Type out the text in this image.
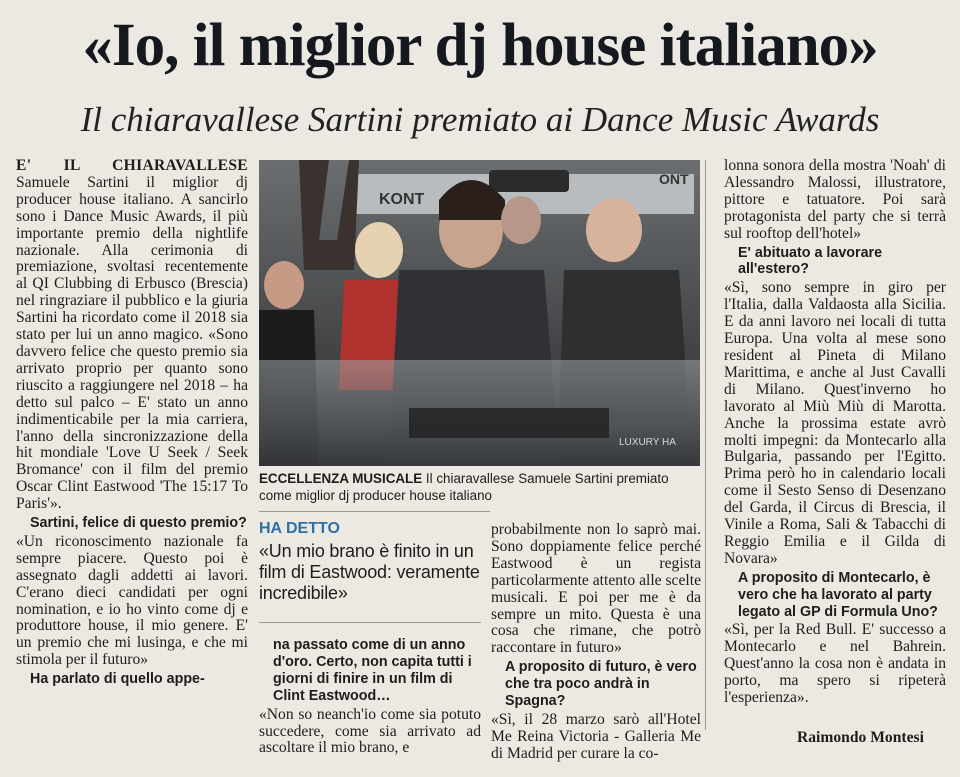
«Io, il miglior dj house italiano»
Il chiaravallese Sartini premiato ai Dance Music Awards

E' IL CHIARAVALLESE Samuele Sartini il miglior dj producer house italiano. A sancirlo sono i Dance Music Awards, il più importante premio della nightlife nazionale. Alla cerimonia di premiazione, svoltasi recentemente al QI Clubbing di Erbusco (Brescia) nel ringraziare il pubblico e la giuria Sartini ha ricordato come il 2018 sia stato per lui un anno magico. «Sono davvero felice che questo premio sia arrivato proprio per quanto sono riuscito a raggiungere nel 2018 – ha detto sul palco – E' stato un anno indimenticabile per la mia carriera, l'anno della sincronizzazione della hit mondiale 'Love U Seek / Seek Bromance' con il film del premio Oscar Clint Eastwood 'The 15:17 To Paris'».

Sartini, felice di questo premio?

«Un riconoscimento nazionale fa sempre piacere. Questo poi è assegnato dagli addetti ai lavori. C'erano dieci candidati per ogni nomination, e io ho vinto come dj e produttore house, il mio genere. E' un premio che mi lusinga, e che mi stimola per il futuro»

Ha parlato di quello appe-
KONT
ONT
LUXURY HA
ECCELLENZA MUSICALE Il chiaravallese Samuele Sartini premiato come miglior dj producer house italiano
HA DETTO
«Un mio brano è finito in un film di Eastwood: veramente incredibile»
na passato come di un anno d'oro. Certo, non capita tutti i giorni di finire in un film di Clint Eastwood…

«Non so neanch'io come sia potuto succedere, come sia arrivato ad ascoltare il mio brano, e

probabilmente non lo saprò mai. Sono doppiamente felice perché Eastwood è un regista particolarmente attento alle scelte musicali. E poi per me è da sempre un mito. Questa è una cosa che rimane, che potrò raccontare in futuro»

A proposito di futuro, è vero che tra poco andrà in Spagna?

«Sì, il 28 marzo sarò all'Hotel Me Reina Victoria - Galleria Me di Madrid per curare la co-

lonna sonora della mostra 'Noah' di Alessandro Malossi, illustratore, pittore e tatuatore. Poi sarà protagonista del party che si terrà sul rooftop dell'hotel»

E' abituato a lavorare all'estero?

«Sì, sono sempre in giro per l'Italia, dalla Valdaosta alla Sicilia. E da anni lavoro nei locali di tutta Europa. Una volta al mese sono resident al Pineta di Milano Marittima, e anche al Just Cavalli di Milano. Quest'inverno ho lavorato al Miù Miù di Marotta. Anche la prossima estate avrò molti impegni: da Montecarlo alla Bulgaria, passando per l'Egitto. Prima però ho in calendario locali come il Sesto Senso di Desenzano del Garda, il Circus di Brescia, il Vinile a Roma, Sali & Tabacchi di Reggio Emilia e il Gilda di Novara»

A proposito di Montecarlo, è vero che ha lavorato al party legato al GP di Formula Uno?

«Sì, per la Red Bull. E' successo a Montecarlo e nel Bahrein. Quest'anno la cosa non è andata in porto, ma spero si ripeterà l'esperienza».

Raimondo Montesi
